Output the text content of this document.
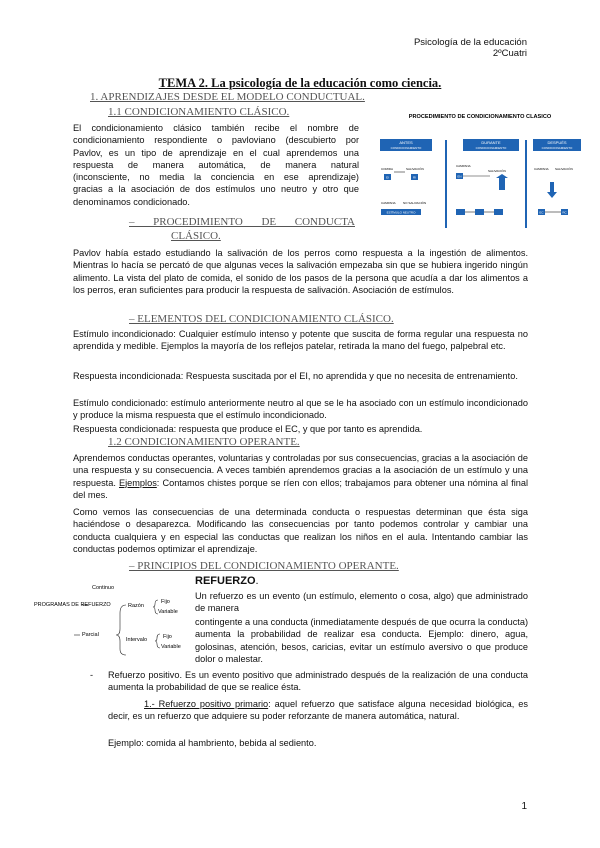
Psicología de la educación
2ºCuatri
TEMA 2. La psicología de la educación como ciencia.
1. APRENDIZAJES DESDE EL MODELO CONDUCTUAL.
1.1 CONDICIONAMIENTO CLÁSICO.
El condicionamiento clásico también recibe el nombre de
condicionamiento respondiente o pavloviano (descubierto por
Pavlov, es un tipo de aprendizaje en el cual aprendemos una
respuesta de manera automática, de manera natural
(inconsciente, no media la conciencia en ese aprendizaje)
gracias a la asociación de dos estímulos uno neutro y otro que
denominamos condicionado.
PROCEDIMIENTO DE CONDICIONAMIENTO CLASICO
ANTES
CONDICIONAMIENTO
DURANTE
CONDICIONAMIENTO
DESPUÉS
CONDICIONAMIENTO
COMIDA	SALIVACIÓN
EI	RI
CAMPANA NO SALIVACIÓN
ESTÍMULO NEUTRO
CAMPANA
SALIVACIÓN
EN
CAMPANA SALIVACIÓN
EC	RC
– PROCEDIMIENTO DE CONDUCTA
CLÁSICO.
Pavlov había estado estudiando la salivación de los perros como respuesta a la ingestión de alimentos. Mientras lo hacía se percató de que algunas veces la salivación empezaba sin que se hubiera ingerido ningún alimento. La vista del plato de comida, el sonido de los pasos de la persona que acudía a dar los alimentos a los perros, eran suficientes para producir la respuesta de salivación. Asociación de estímulos.
– ELEMENTOS DEL CONDICIONAMIENTO CLÁSICO.
Estímulo incondicionado: Cualquier estímulo intenso y potente que suscita de forma regular una respuesta no aprendida y medible. Ejemplos la mayoría de los reflejos patelar, retirada la mano del fuego, palpebral etc.
Respuesta incondicionada: Respuesta suscitada por el EI, no aprendida y que no necesita de entrenamiento.
Estímulo condicionado: estímulo anteriormente neutro al que se le ha asociado con un estímulo incondicionado y produce la misma respuesta que el estímulo incondicionado.
Respuesta condicionada: respuesta que produce el EC, y que por tanto es aprendida.
1.2 CONDICIONAMIENTO OPERANTE.
Aprendemos conductas operantes, voluntarias y controladas por sus consecuencias, gracias a la asociación de una respuesta y su consecuencia. A veces también aprendemos gracias a la asociación de un estímulo y una respuesta. Ejemplos: Contamos chistes porque se ríen con ellos; trabajamos para obtener una nómina al final del mes.
Como vemos las consecuencias de una determinada conducta o respuestas determinan que ésta siga haciéndose o desaparezca. Modificando las consecuencias por tanto podemos controlar y cambiar una conducta cualquiera y en especial las conductas que realizan los niños en el aula. Intentando cambiar las conductas podemos optimizar el aprendizaje.
– PRINCIPIOS DEL CONDICIONAMIENTO OPERANTE.
PROGRAMAS DE REFUERZO
Continuo
Parcial
Razón
Intervalo
Fijo
Variable
Fijo
Variable
REFUERZO.
Un refuerzo es un evento (un estímulo, elemento o cosa, algo) que administrado de manera
contingente a una conducta (inmediatamente después de que ocurra la conducta) aumenta la probabilidad de realizar esa conducta. Ejemplo: dinero, agua, golosinas, atención, besos, caricias, evitar un estímulo aversivo o que produce dolor o malestar.
- Refuerzo positivo. Es un evento positivo que administrado después de la realización de una conducta aumenta la probabilidad de que se realice ésta.
1.- Refuerzo positivo primario: aquel refuerzo que satisface alguna necesidad biológica, es decir, es un refuerzo que adquiere su poder reforzante de manera automática, natural.
Ejemplo: comida al hambriento, bebida al sediento.
1
